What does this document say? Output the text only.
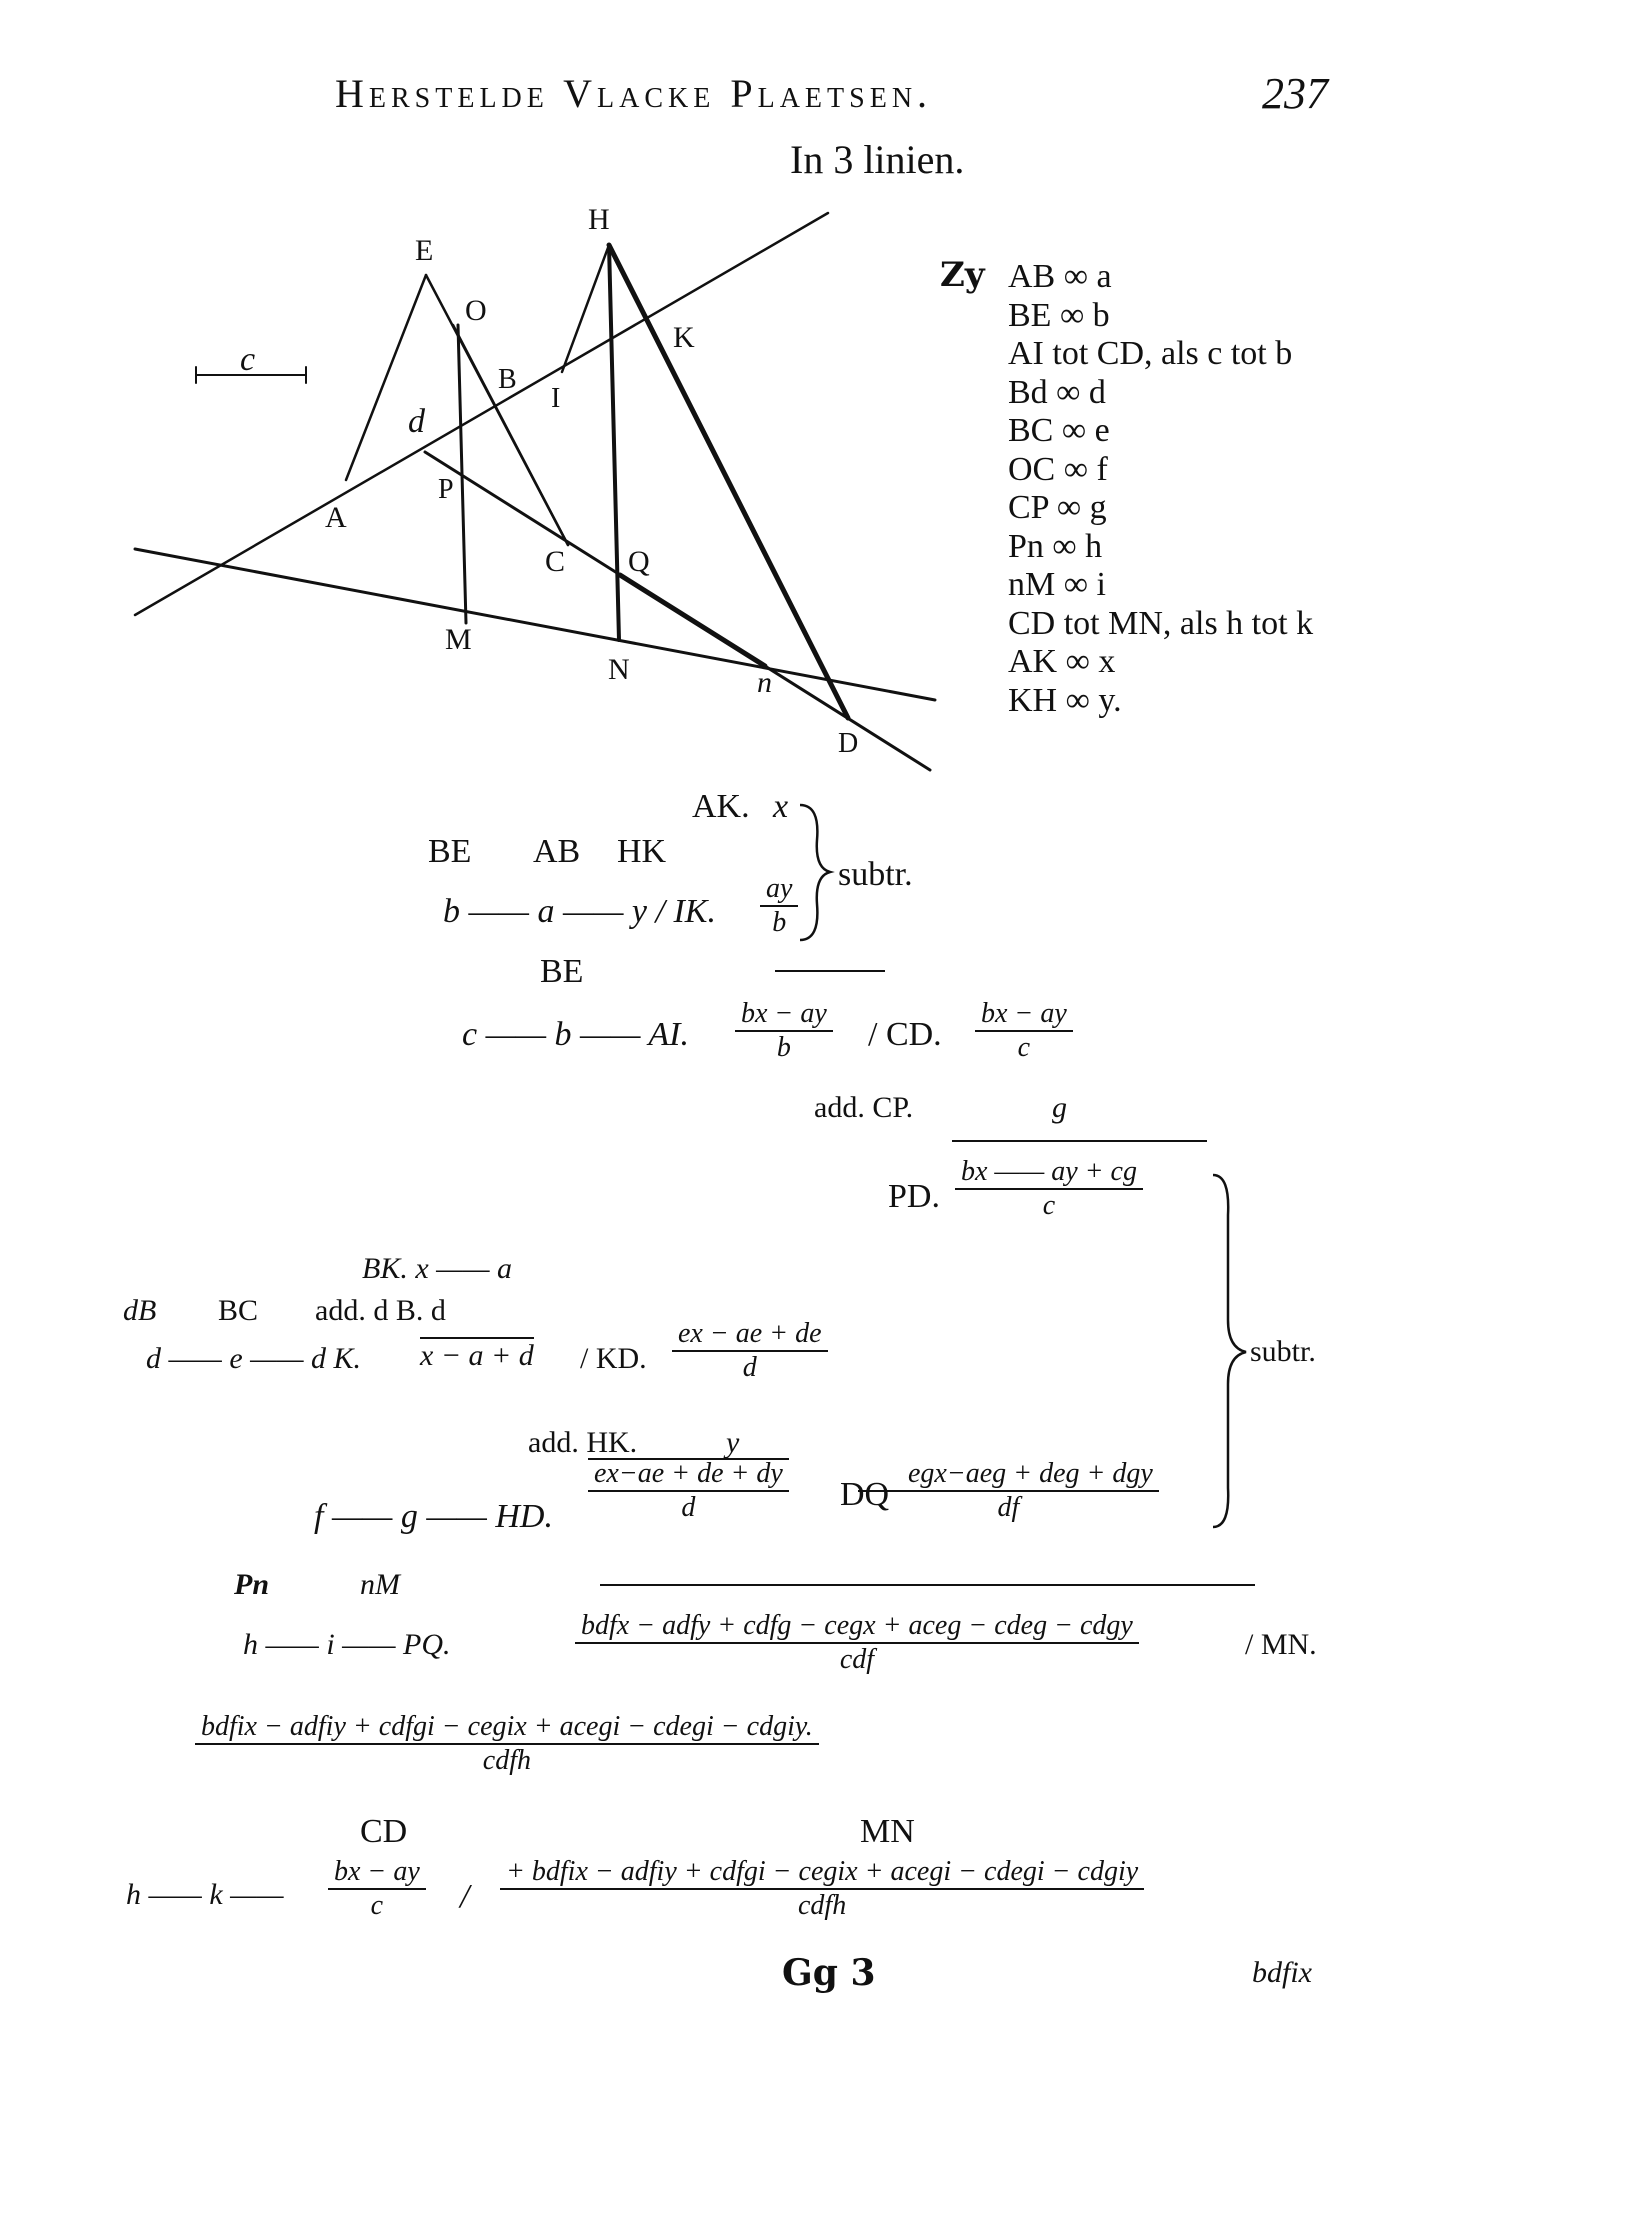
Herstelde Vlacke Plaetsen.	237
In 3 linien.
E
H
O
K
B
I
d
P
A
C Q
M
N	n
D
c
Zy AB ∞ a
BE ∞ b
AI tot CD, als c tot b
Bd ∞ d
BC ∞ e
OC ∞ f
CP ∞ g
Pn ∞ h
nM ∞ i
CD tot MN, als h tot k
AK ∞ x
KH ∞ y.
AK. x
BE AB HK
b —— a —— y / IK. $\frac{ay}{b}$
subtr.
BE
c —— b —— AI. $\frac{bx - ay}{b}$ / CD. $\frac{bx - ay}{c}$
add. CP.	g
PD. $\frac{bx —— ay + cg}{c}$
subtr.
BK. x —— a
dB BC add. d B. d
d —— e —— d K. x − a + d / KD. $\frac{ex - ae + de}{d}$
add. HK.	y
f —— g —— HD. $\frac{ex-ae + de + dy}{d}$ DQ
$\frac{\text{egx−aeg + deg + dgy}}{df}$
Pn	nM
h —— i —— PQ.	$\frac{\text{bdfx − adfy + cdfg − cegx + aceg − cdeg − cdgy}}{\text{cdf}}$	/ MN.
$\frac{\text{bdfix − adfiy + cdfgi − cegix + acegi − cdegi − cdgiy.}}{\text{cdfh}}$
CD	MN
h —— k —— $\frac{bx - ay}{c} / \frac{\text{+ bdfix − adfiy + cdfgi − cegix + acegi − cdegi − cdgiy}}{\text{cdfh}}$
Gg 3	bdfix
